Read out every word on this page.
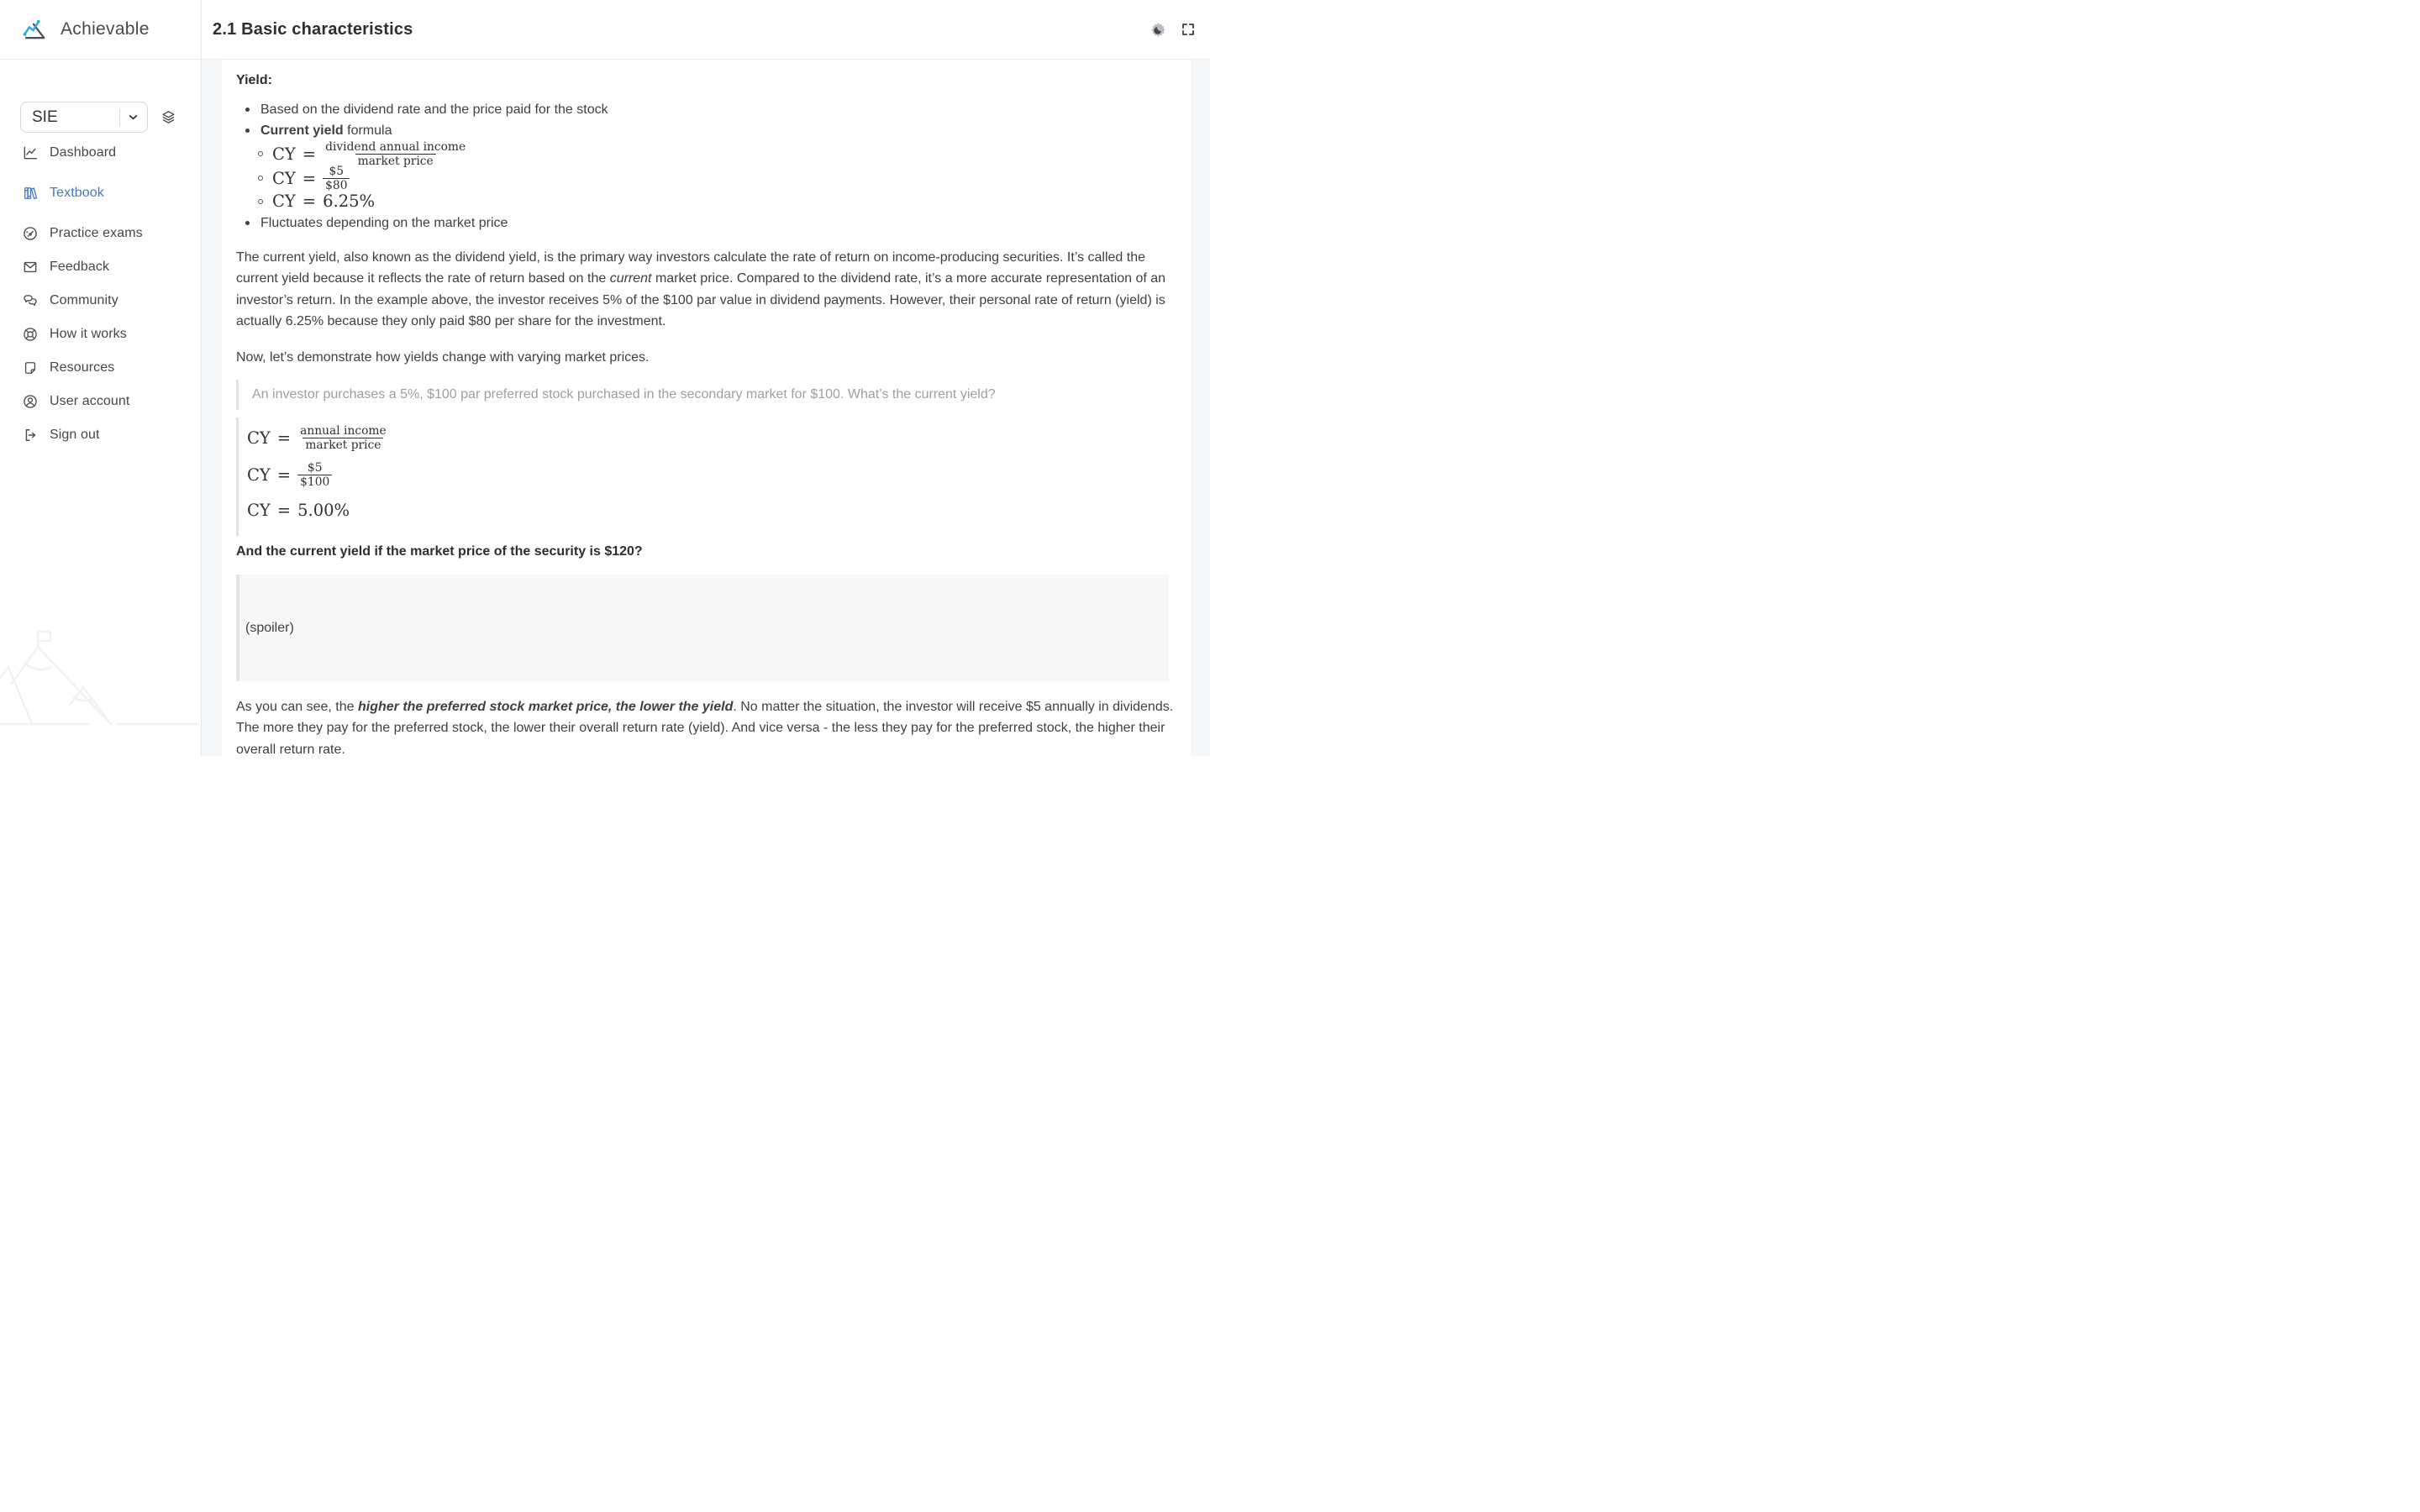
Achievable
SIE
Dashboard
Textbook
Practice exams
Feedback
Community
How it works
Resources
User account
Sign out
2.1 Basic characteristics
Yield:
Based on the dividend rate and the price paid for the stock
Current yield formula
CY = $\frac{\text{dividend annual income}}{\text{market price}}$
CY = $\frac{\$5}{\$80}$
CY = 6.25%
Fluctuates depending on the market price

The current yield, also known as the dividend yield, is the primary way investors calculate the rate of return on income-producing securities. It’s called the current yield because it reflects the rate of return based on the current market price. Compared to the dividend rate, it’s a more accurate representation of an investor’s return. In the example above, the investor receives 5% of the $100 par value in dividend payments. However, their personal rate of return (yield) is actually 6.25% because they only paid $80 per share for the investment.

Now, let’s demonstrate how yields change with varying market prices.

An investor purchases a 5%, $100 par preferred stock purchased in the secondary market for $100. What’s the current yield?
CY = $\frac{\text{annual income}}{\text{market price}}$
CY = $\frac{\$5}{\$100}$
CY = 5.00%

And the current yield if the market price of the security is $120?

(spoiler)

As you can see, the higher the preferred stock market price, the lower the yield. No matter the situation, the investor will receive $5 annually in dividends. The more they pay for the preferred stock, the lower their overall return rate (yield). And vice versa - the less they pay for the preferred stock, the higher their overall return rate.
